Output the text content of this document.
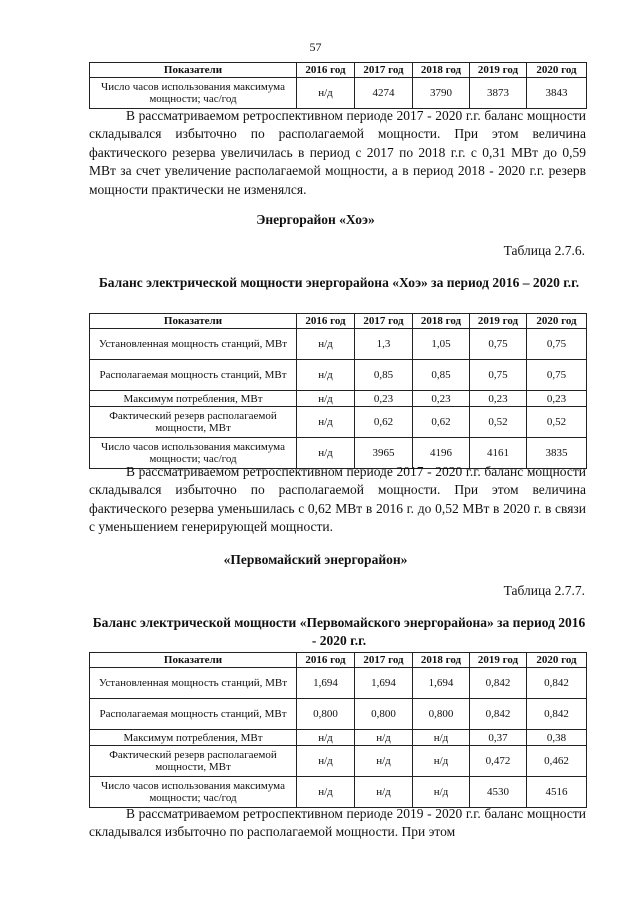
57
Показатели	2016 год	2017 год	2018 год	2019 год	2020 год
Число часов использования максимума мощности; час/год	н/д	4274	3790	3873	3843

В рассматриваемом ретроспективном периоде 2017 - 2020 г.г. баланс мощности складывался избыточно по располагаемой мощности. При этом величина фактического резерва увеличилась в период с 2017 по 2018 г.г. с 0,31 МВт до 0,59 МВт за счет увеличение располагаемой мощности, а в период 2018 - 2020 г.г. резерв мощности практически не изменялся.

Энергорайон «Хоэ»
Таблица 2.7.6.
Баланс электрической мощности энергорайона «Хоэ» за период 2016 – 2020 г.г.
Показатели	2016 год	2017 год	2018 год	2019 год	2020 год
Установленная мощность станций, МВт	н/д	1,3	1,05	0,75	0,75
Располагаемая мощность станций, МВт	н/д	0,85	0,85	0,75	0,75
Максимум потребления, МВт	н/д	0,23	0,23	0,23	0,23
Фактический резерв располагаемой мощности, МВт	н/д	0,62	0,62	0,52	0,52
Число часов использования максимума мощности; час/год	н/д	3965	4196	4161	3835

В рассматриваемом ретроспективном периоде 2017 - 2020 г.г. баланс мощности складывался избыточно по располагаемой мощности. При этом величина фактического резерва уменьшилась с 0,62 МВт в 2016 г. до 0,52 МВт в 2020 г. в связи с уменьшением генерирующей мощности.

«Первомайский энергорайон»
Таблица 2.7.7.
Баланс электрической мощности «Первомайского энергорайона» за период 2016 - 2020 г.г.
Показатели	2016 год	2017 год	2018 год	2019 год	2020 год
Установленная мощность станций, МВт	1,694	1,694	1,694	0,842	0,842
Располагаемая мощность станций, МВт	0,800	0,800	0,800	0,842	0,842
Максимум потребления, МВт	н/д	н/д	н/д	0,37	0,38
Фактический резерв располагаемой мощности, МВт	н/д	н/д	н/д	0,472	0,462
Число часов использования максимума мощности; час/год	н/д	н/д	н/д	4530	4516

В рассматриваемом ретроспективном периоде 2019 - 2020 г.г. баланс мощности складывался избыточно по располагаемой мощности. При этом
